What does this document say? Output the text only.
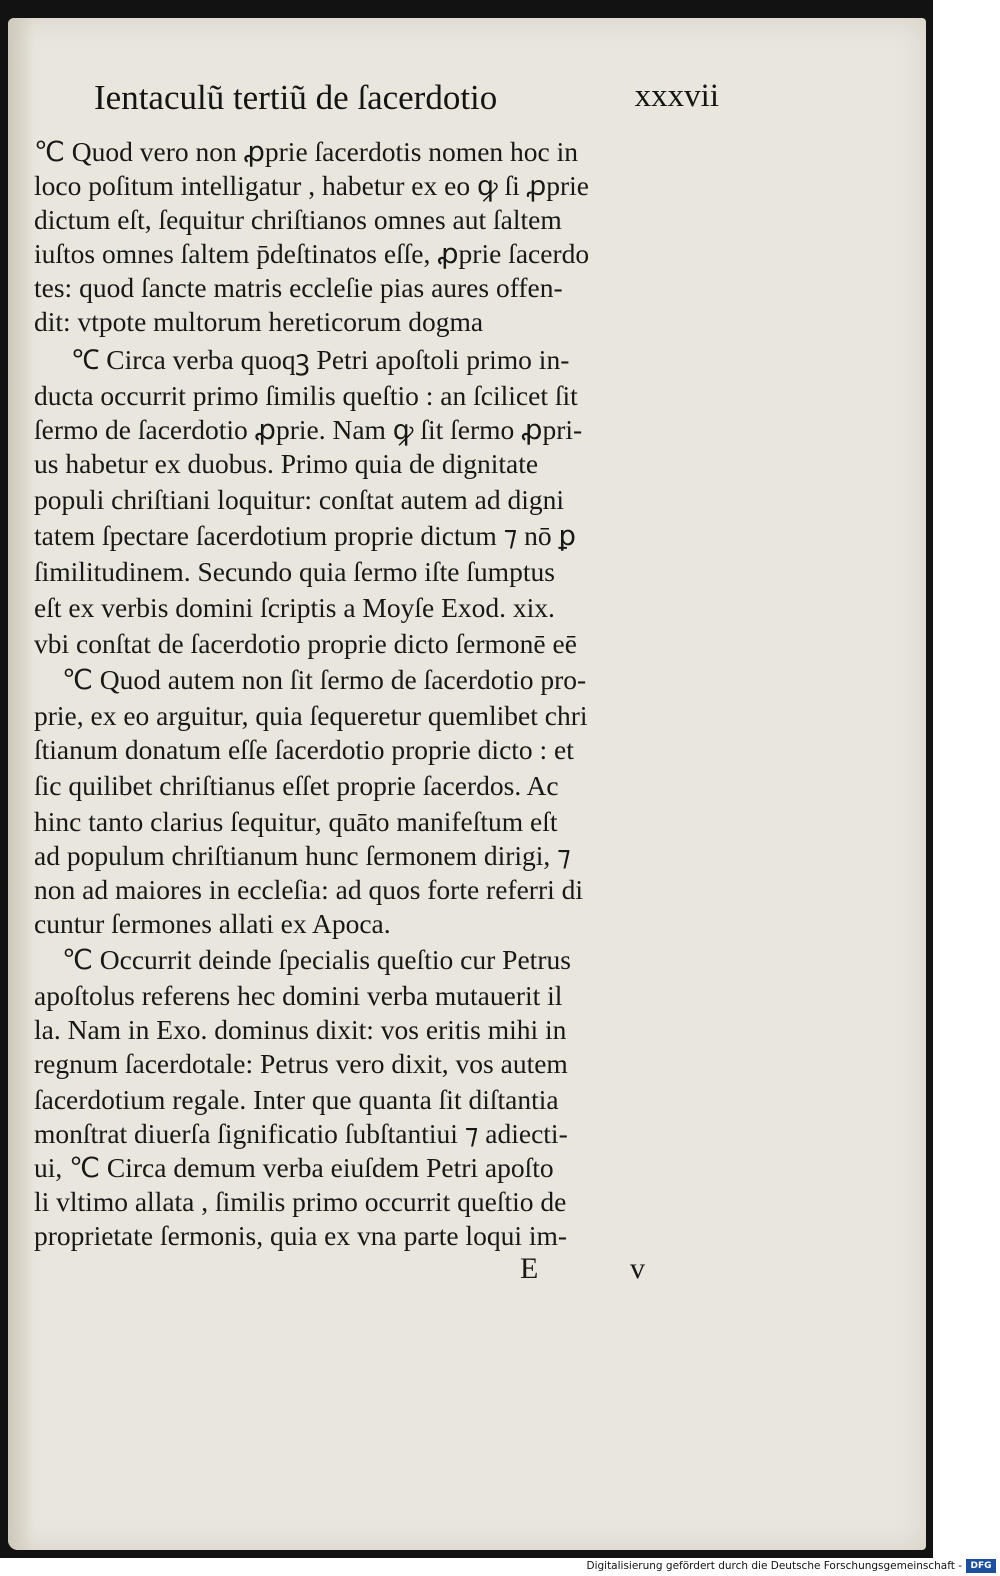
Ientaculũ tertiũ de ſacerdotio	xxxvii
℃ Quod vero non ꝓprie ſacerdotis nomen hoc in
loco poſitum intelligatur , habetur ex eo ꝙ ſi ꝓprie
dictum eſt, ſequitur chriſtianos omnes aut ſaltem
iuſtos omnes ſaltem p̄deſtinatos eſſe, ꝓprie ſacerdo
tes: quod ſancte matris eccleſie pias aures offen-
dit: vtpote multorum hereticorum dogma
℃ Circa verba quoqꝫ Petri apoſtoli primo in-
ducta occurrit primo ſimilis queſtio : an ſcilicet ſit
ſermo de ſacerdotio ꝓprie. Nam ꝙ ſit ſermo ꝓpri-
us habetur ex duobus. Primo quia de dignitate
populi chriſtiani loquitur: conſtat autem ad digni
tatem ſpectare ſacerdotium proprie dictum ⁊ nō ꝑ
ſimilitudinem. Secundo quia ſermo iſte ſumptus
eſt ex verbis domini ſcriptis a Moyſe Exod. xix.
vbi conſtat de ſacerdotio proprie dicto ſermonē eē
℃ Quod autem non ſit ſermo de ſacerdotio pro-
prie, ex eo arguitur, quia ſequeretur quemlibet chri
ſtianum donatum eſſe ſacerdotio proprie dicto : et
ſic quilibet chriſtianus eſſet proprie ſacerdos. Ac
hinc tanto clarius ſequitur, quāto manifeſtum eſt
ad populum chriſtianum hunc ſermonem dirigi, ⁊
non ad maiores in eccleſia: ad quos forte referri di
cuntur ſermones allati ex Apoca.
℃ Occurrit deinde ſpecialis queſtio cur Petrus
apoſtolus referens hec domini verba mutauerit il
la. Nam in Exo. dominus dixit: vos eritis mihi in
regnum ſacerdotale: Petrus vero dixit, vos autem
ſacerdotium regale. Inter que quanta ſit diſtantia
monſtrat diuerſa ſignificatio ſubſtantiui ⁊ adiecti-
ui, ℃ Circa demum verba eiuſdem Petri apoſto
li vltimo allata , ſimilis primo occurrit queſtio de
proprietate ſermonis, quia ex vna parte loqui im-
E	v
Digitalisierung gefördert durch die Deutsche Forschungsgemeinschaft - DFG
